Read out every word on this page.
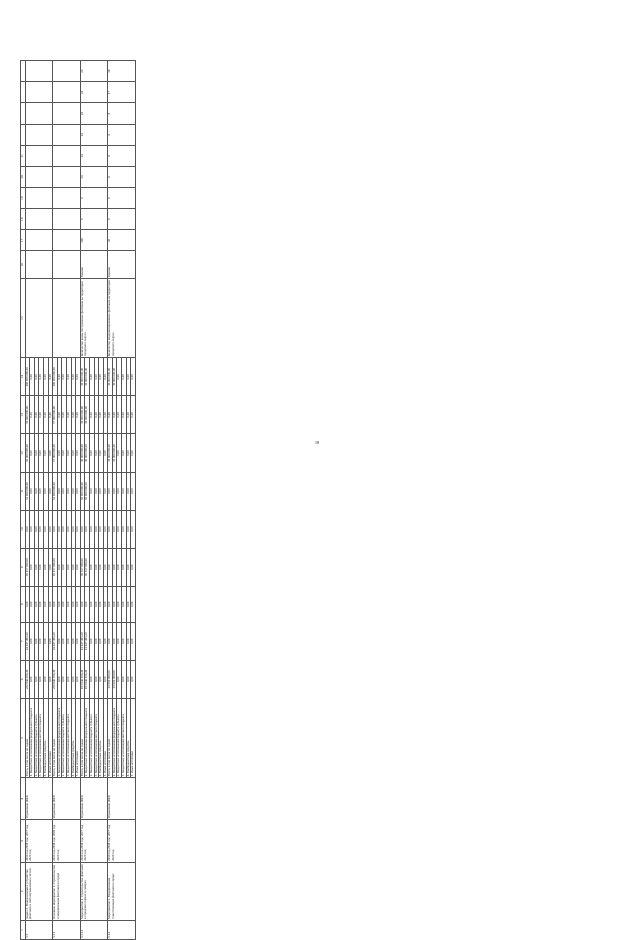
18
1	2	3	4	5	6	7	8	9	10	11	12	13	14	15	16	17	18	19	20	21				
3.3	Задача 3. Модернизация и устройство фонтанов и светомузыкальных систем	2016 год 2018 год/ 2017 год 2020 год	Управление ЖКХ	Всего, в том числе по годам:	232 946 656,30	24 447 495,20	0,00	45 157 000,00	0,00	52 000 000,00	50 000 000,00	50 000 000,00	100 000 000,00											
				1. Бюджетные ассигнования федерального бюджета	0,00	0,00	0,00	0,00	0,00	0,00	0,00	0,00	0,00											
				2. Бюджетные ассигнования бюджета субъекта	0,00	0,00	0,00	0,00	0,00	0,00	0,00	0,00	0,00											
				3. Бюджетные ассигнования местного бюджета	0,00	0,00	0,00	0,00	0,00	0,00	0,00	0,00	0,00											
				4. Внебюджетные средства	0,00	0,00	0,00	0,00	0,00	0,00	0,00	0,00	0,00											
				5. Иные источники	0,00	0,00	0,00	0,00	0,00	0,00	0,00	0,00	0,00											
3.3.1	Основное мероприятие 1. Строительство и модернизация фонтанов в городе	2016 год 2018 год/ 2019 год 2020 год	Управление ЖКХ	Всего, в том числе по годам:	256 946 656,30	24 447 495,20	0,00	45 157 000,00	0,00	52 000 000,00	57 000 000,00	57 000 000,00	100 000 000,00											
				1. Бюджетные ассигнования федерального бюджета	0,00	0,00	0,00	0,00	0,00	0,00	0,00	0,00	0,00											
				2. Бюджетные ассигнования бюджета субъекта	0,00	0,00	0,00	0,00	0,00	0,00	0,00	0,00	0,00											
				3. Бюджетные ассигнования местного бюджета	0,00	0,00	0,00	0,00	0,00	0,00	0,00	0,00	0,00											
				4. Внебюджетные средства	0,00	0,00	0,00	0,00	0,00	0,00	0,00	0,00	0,00											
				5. Иные источники	0,00	0,00	0,00	0,00	0,00	0,00	0,00	0,00	0,00											
3.3.1.1	Мероприятие 1. Строительство фонтанов в городских парках и скверах	2016 год 2018 год/ 2017 год 2020 год	Управление ЖКХ	Всего, в том числе по годам:	193 946 656,30	14 447 495,20	0,00	39 517 000,00	0,00	50 000 000,00	30 000 000,00	30 000 000,00	30 000 000,00	Количество вновь построенных фонтанов на территории городского округа	Единиц	100	0	0	24	24	24	24	24	24
				1. Бюджетные ассигнования федерального бюджета	193 946 656,30	14 447 495,20	0,00	39 517 000,00	0,00	50 000 000,00	30 000 000,00	30 000 000,00	30 000 000,00											
				2. Бюджетные ассигнования бюджета субъекта	0,00	0,00	0,00	0,00	0,00	0,00	0,00	0,00	0,00											
				3. Бюджетные ассигнования местного бюджета	0,00	0,00	0,00	0,00	0,00	0,00	0,00	0,00	0,00											
				4. Внебюджетные средства	0,00	0,00	0,00	0,00	0,00	0,00	0,00	0,00	0,00											
				5. Иные источники	0,00	0,00	0,00	0,00	0,00	0,00	0,00	0,00	0,00											
3.1.2	Мероприятие 2. Модернизация существующих фонтанов в городе	2016 год 2018 год/ 2017 год 2020 год	Управление ЖКХ	Всего, в том числе по годам:	63 000 000,00	0,00	0,00	0,00	0,00	0,00	33 000 000,00	0,00	30 000 000,00	Количество модернизированных фонтанов на территории городского округа	Единиц	45	0	0	8	8	8	8	17	18
				1. Бюджетные ассигнования федерального бюджета	63 000 000,00	0,00	0,00	0,00	0,00	0,00	33 000 000,00	0,00	30 000 000,00											
				2. Бюджетные ассигнования бюджета субъекта	0,00	0,00	0,00	0,00	0,00	0,00	0,00	0,00	0,00											
				3. Бюджетные ассигнования местного бюджета	0,00	0,00	0,00	0,00	0,00	0,00	0,00	0,00	0,00											
				4. Внебюджетные средства	0,00	0,00	0,00	0,00	0,00	0,00	0,00	0,00	0,00											
				5. Иные источники	0,00	0,00	0,00	0,00	0,00	0,00	0,00	0,00	0,00											
